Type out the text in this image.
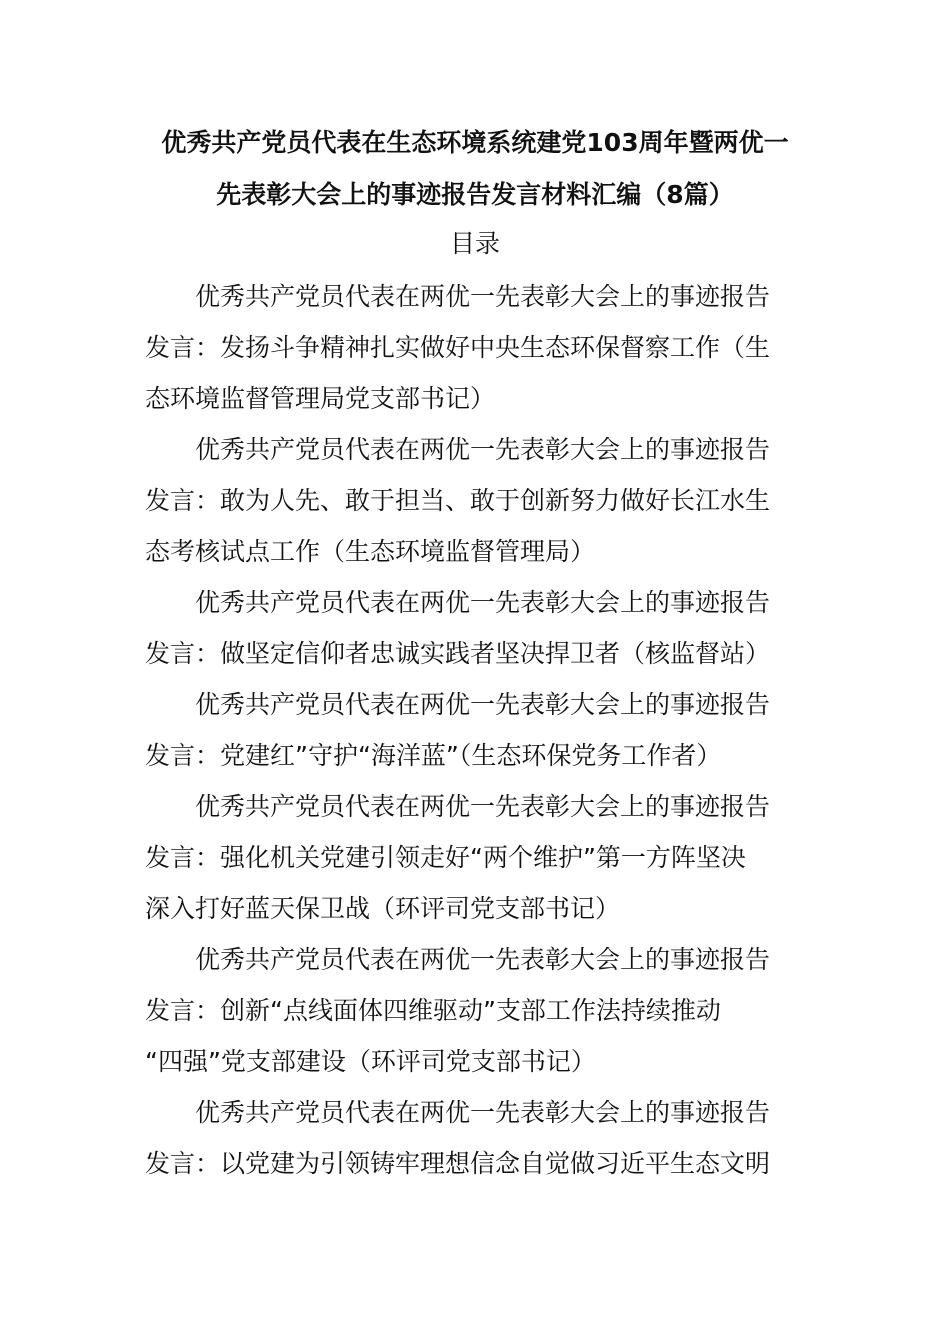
优秀共产党员代表在生态环境系统建党103周年暨两优一
先表彰大会上的事迹报告发言材料汇编（8篇）
目录
优秀共产党员代表在两优一先表彰大会上的事迹报告
发言：发扬斗争精神扎实做好中央生态环保督察工作（生
态环境监督管理局党支部书记）
优秀共产党员代表在两优一先表彰大会上的事迹报告
发言：敢为人先、敢于担当、敢于创新努力做好长江水生
态考核试点工作（生态环境监督管理局）
优秀共产党员代表在两优一先表彰大会上的事迹报告
发言：做坚定信仰者忠诚实践者坚决捍卫者（核监督站）
优秀共产党员代表在两优一先表彰大会上的事迹报告
发言：党建红”守护“海洋蓝”（生态环保党务工作者）
优秀共产党员代表在两优一先表彰大会上的事迹报告
发言：强化机关党建引领走好“两个维护”第一方阵坚决
深入打好蓝天保卫战（环评司党支部书记）
优秀共产党员代表在两优一先表彰大会上的事迹报告
发言：创新“点线面体四维驱动”支部工作法持续推动
“四强”党支部建设（环评司党支部书记）
优秀共产党员代表在两优一先表彰大会上的事迹报告
发言：以党建为引领铸牢理想信念自觉做习近平生态文明
